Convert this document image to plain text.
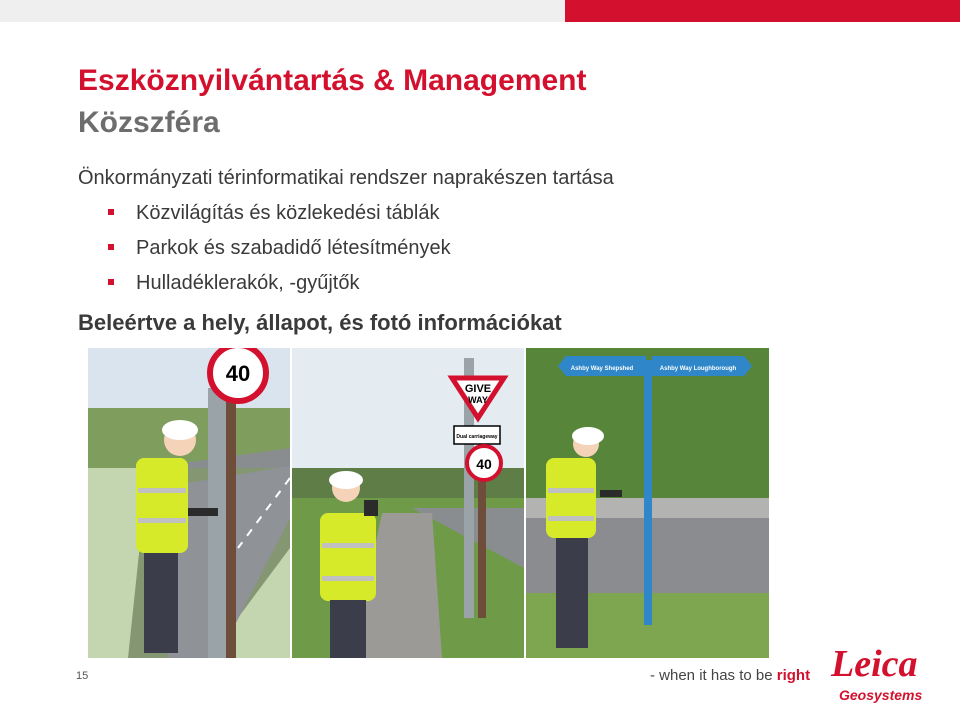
Eszköznyilvántartás & Management
Közszféra
Önkormányzati térinformatikai rendszer naprakészen tartása
Közvilágítás és közlekedési táblák
Parkok és szabadidő létesítmények
Hulladéklerakók, -gyűjtők
Beleértve a hely, állapot, és fotó információkat
40
GIVE
WAY
Dual carriageway
40
Ashby Way Shepshed	Ashby Way Loughborough
15	- when it has to be right Leica
Geosystems
